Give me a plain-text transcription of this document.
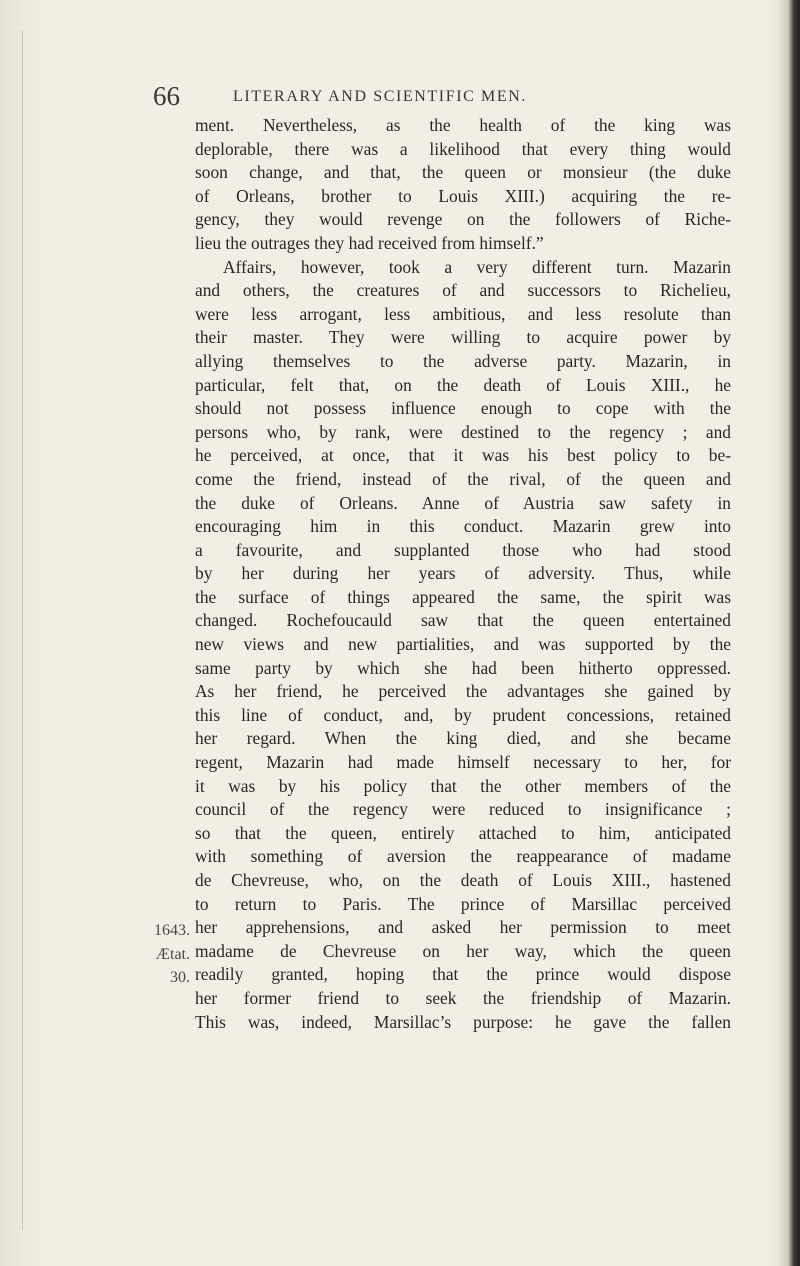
66	LITERARY AND SCIENTIFIC MEN.
1643.
Ætat.
30.
ment. Nevertheless, as the health of the king was
deplorable, there was a likelihood that every thing would
soon change, and that, the queen or monsieur (the duke
of Orleans, brother to Louis XIII.) acquiring the re-
gency, they would revenge on the followers of Riche-
lieu the outrages they had received from himself.”
Affairs, however, took a very different turn. Mazarin
and others, the creatures of and successors to Richelieu,
were less arrogant, less ambitious, and less resolute than
their master. They were willing to acquire power by
allying themselves to the adverse party. Mazarin, in
particular, felt that, on the death of Louis XIII., he
should not possess influence enough to cope with the
persons who, by rank, were destined to the regency ; and
he perceived, at once, that it was his best policy to be-
come the friend, instead of the rival, of the queen and
the duke of Orleans. Anne of Austria saw safety in
encouraging him in this conduct. Mazarin grew into
a favourite, and supplanted those who had stood
by her during her years of adversity. Thus, while
the surface of things appeared the same, the spirit was
changed. Rochefoucauld saw that the queen entertained
new views and new partialities, and was supported by the
same party by which she had been hitherto oppressed.
As her friend, he perceived the advantages she gained by
this line of conduct, and, by prudent concessions, retained
her regard. When the king died, and she became
regent, Mazarin had made himself necessary to her, for
it was by his policy that the other members of the
council of the regency were reduced to insignificance ;
so that the queen, entirely attached to him, anticipated
with something of aversion the reappearance of madame
de Chevreuse, who, on the death of Louis XIII., hastened
to return to Paris. The prince of Marsillac perceived
her apprehensions, and asked her permission to meet
madame de Chevreuse on her way, which the queen
readily granted, hoping that the prince would dispose
her former friend to seek the friendship of Mazarin.
This was, indeed, Marsillac’s purpose: he gave the fallen
